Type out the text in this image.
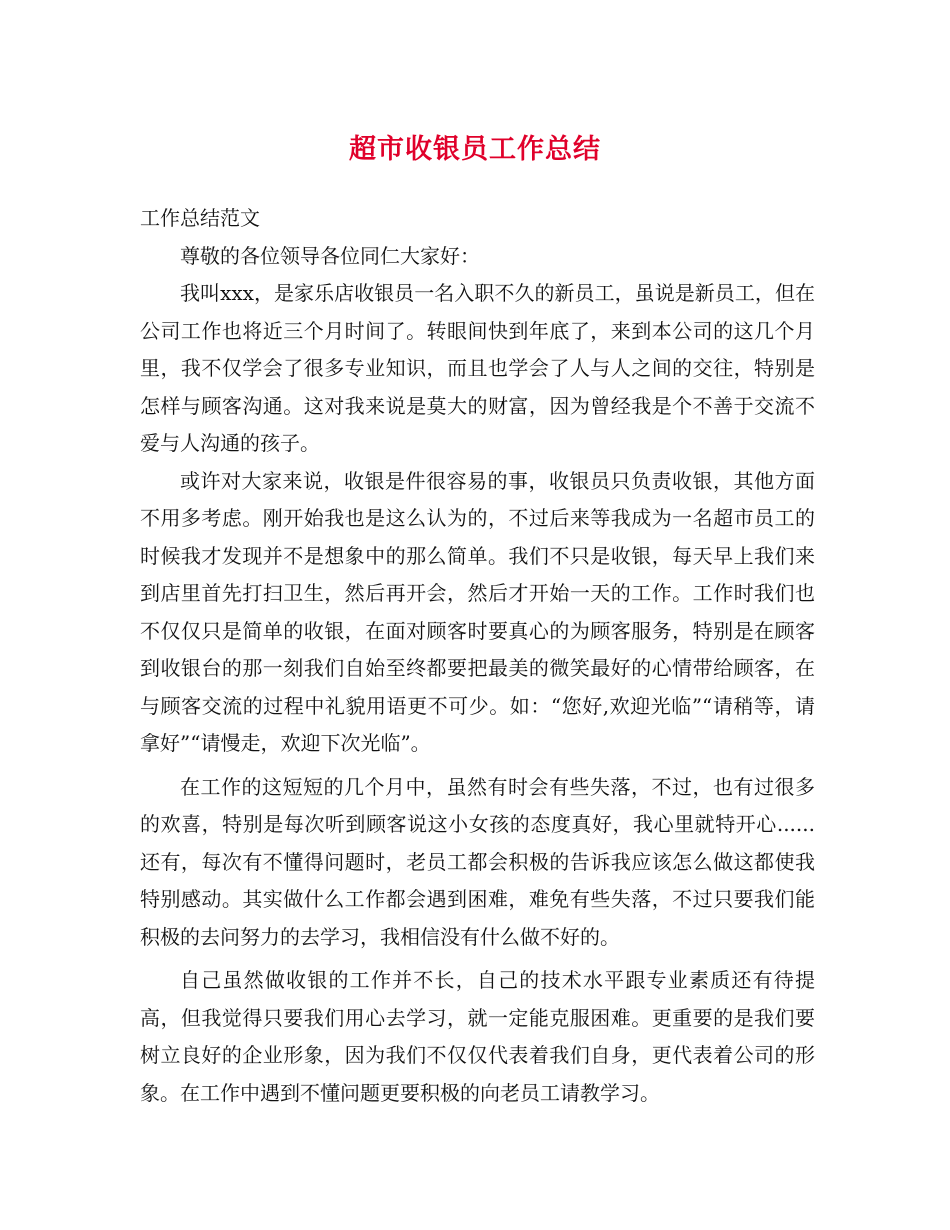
超市收银员工作总结

工作总结范文

尊敬的各位领导各位同仁大家好：

我叫xxx，是家乐店收银员一名入职不久的新员工，虽说是新员工，但在公司工作也将近三个月时间了。转眼间快到年底了，来到本公司的这几个月里，我不仅学会了很多专业知识，而且也学会了人与人之间的交往，特别是怎样与顾客沟通。这对我来说是莫大的财富，因为曾经我是个不善于交流不爱与人沟通的孩子。

或许对大家来说，收银是件很容易的事，收银员只负责收银，其他方面不用多考虑。刚开始我也是这么认为的，不过后来等我成为一名超市员工的时候我才发现并不是想象中的那么简单。我们不只是收银，每天早上我们来到店里首先打扫卫生，然后再开会，然后才开始一天的工作。工作时我们也不仅仅只是简单的收银，在面对顾客时要真心的为顾客服务，特别是在顾客到收银台的那一刻我们自始至终都要把最美的微笑最好的心情带给顾客，在与顾客交流的过程中礼貌用语更不可少。如：“您好,欢迎光临”“请稍等，请拿好”“请慢走，欢迎下次光临”。

在工作的这短短的几个月中，虽然有时会有些失落，不过，也有过很多的欢喜，特别是每次听到顾客说这小女孩的态度真好，我心里就特开心......还有，每次有不懂得问题时，老员工都会积极的告诉我应该怎么做这都使我特别感动。其实做什么工作都会遇到困难，难免有些失落，不过只要我们能积极的去问努力的去学习，我相信没有什么做不好的。

自己虽然做收银的工作并不长，自己的技术水平跟专业素质还有待提高，但我觉得只要我们用心去学习，就一定能克服困难。更重要的是我们要树立良好的企业形象，因为我们不仅仅代表着我们自身，更代表着公司的形象。在工作中遇到不懂问题更要积极的向老员工请教学习。
